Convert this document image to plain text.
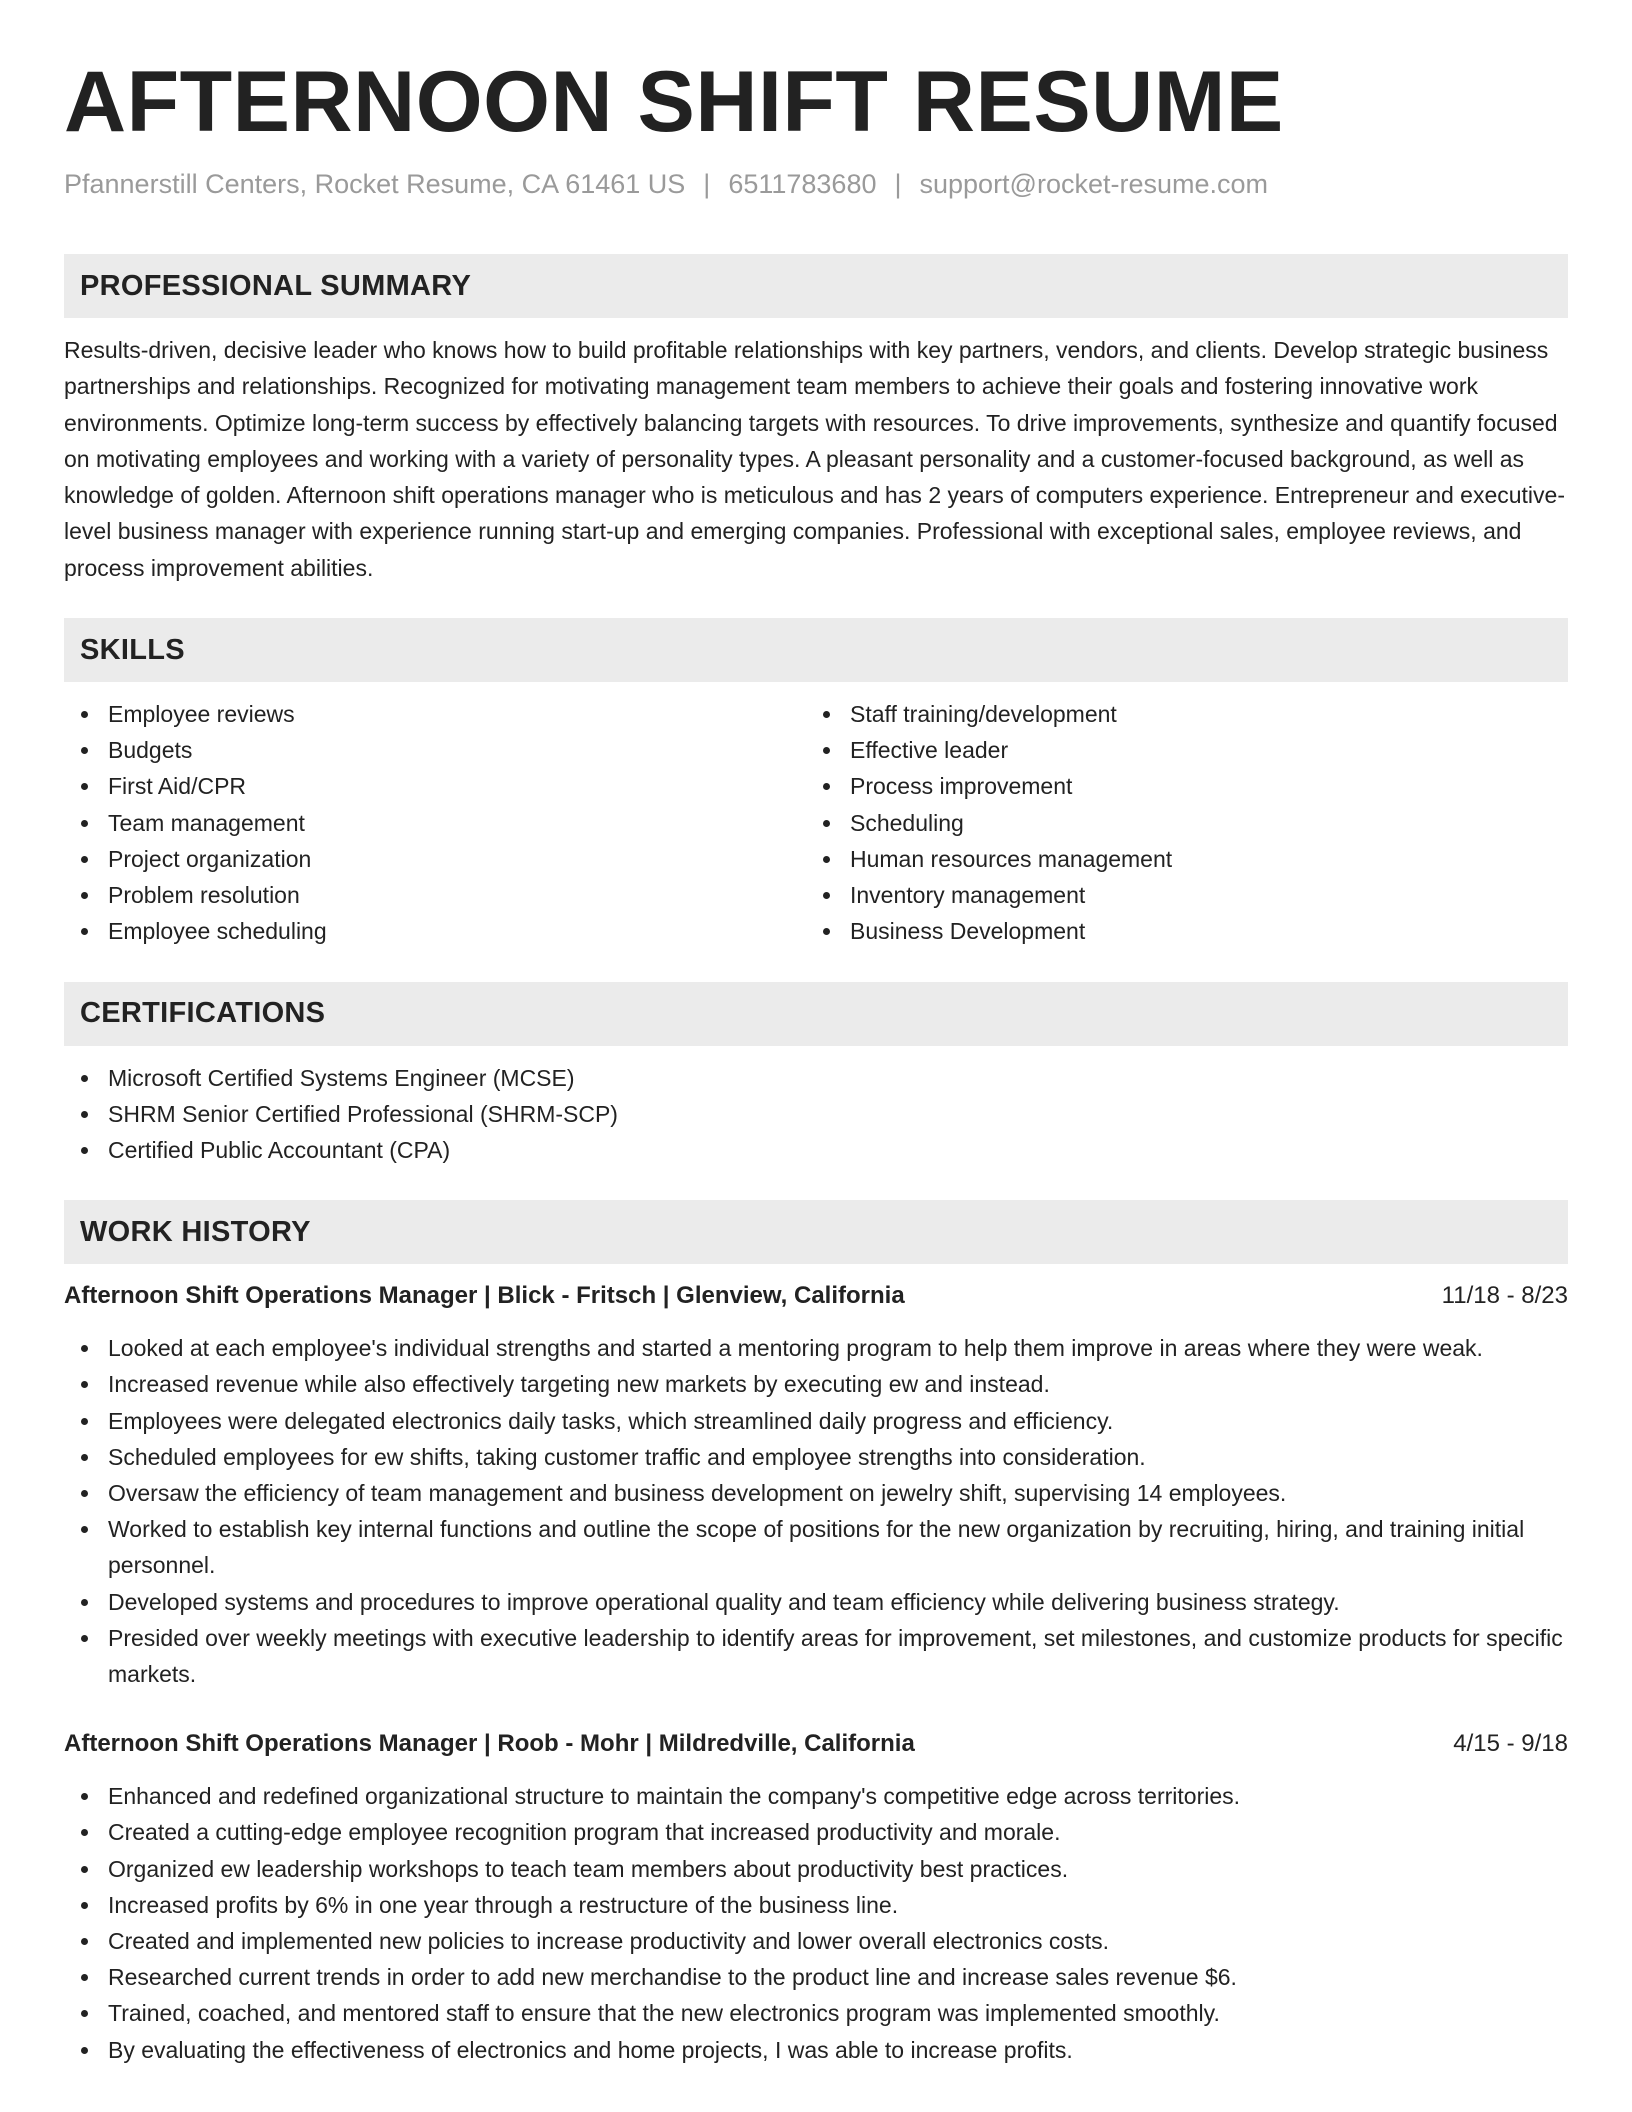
AFTERNOON SHIFT RESUME
Pfannerstill Centers, Rocket Resume, CA 61461 US | 6511783680 | support@rocket-resume.com
PROFESSIONAL SUMMARY
Results-driven, decisive leader who knows how to build profitable relationships with key partners, vendors, and clients. Develop strategic business partnerships and relationships. Recognized for motivating management team members to achieve their goals and fostering innovative work environments. Optimize long-term success by effectively balancing targets with resources. To drive improvements, synthesize and quantify focused on motivating employees and working with a variety of personality types. A pleasant personality and a customer-focused background, as well as knowledge of golden. Afternoon shift operations manager who is meticulous and has 2 years of computers experience. Entrepreneur and executive-level business manager with experience running start-up and emerging companies. Professional with exceptional sales, employee reviews, and process improvement abilities.
SKILLS
Employee reviews
Budgets
First Aid/CPR
Team management
Project organization
Problem resolution
Employee scheduling
Staff training/development
Effective leader
Process improvement
Scheduling
Human resources management
Inventory management
Business Development
CERTIFICATIONS
Microsoft Certified Systems Engineer (MCSE)
SHRM Senior Certified Professional (SHRM-SCP)
Certified Public Accountant (CPA)
WORK HISTORY
Afternoon Shift Operations Manager | Blick - Fritsch | Glenview, California	11/18 - 8/23
Looked at each employee's individual strengths and started a mentoring program to help them improve in areas where they were weak.
Increased revenue while also effectively targeting new markets by executing ew and instead.
Employees were delegated electronics daily tasks, which streamlined daily progress and efficiency.
Scheduled employees for ew shifts, taking customer traffic and employee strengths into consideration.
Oversaw the efficiency of team management and business development on jewelry shift, supervising 14 employees.
Worked to establish key internal functions and outline the scope of positions for the new organization by recruiting, hiring, and training initial personnel.
Developed systems and procedures to improve operational quality and team efficiency while delivering business strategy.
Presided over weekly meetings with executive leadership to identify areas for improvement, set milestones, and customize products for specific markets.
Afternoon Shift Operations Manager | Roob - Mohr | Mildredville, California	4/15 - 9/18
Enhanced and redefined organizational structure to maintain the company's competitive edge across territories.
Created a cutting-edge employee recognition program that increased productivity and morale.
Organized ew leadership workshops to teach team members about productivity best practices.
Increased profits by 6% in one year through a restructure of the business line.
Created and implemented new policies to increase productivity and lower overall electronics costs.
Researched current trends in order to add new merchandise to the product line and increase sales revenue $6.
Trained, coached, and mentored staff to ensure that the new electronics program was implemented smoothly.
By evaluating the effectiveness of electronics and home projects, I was able to increase profits.
